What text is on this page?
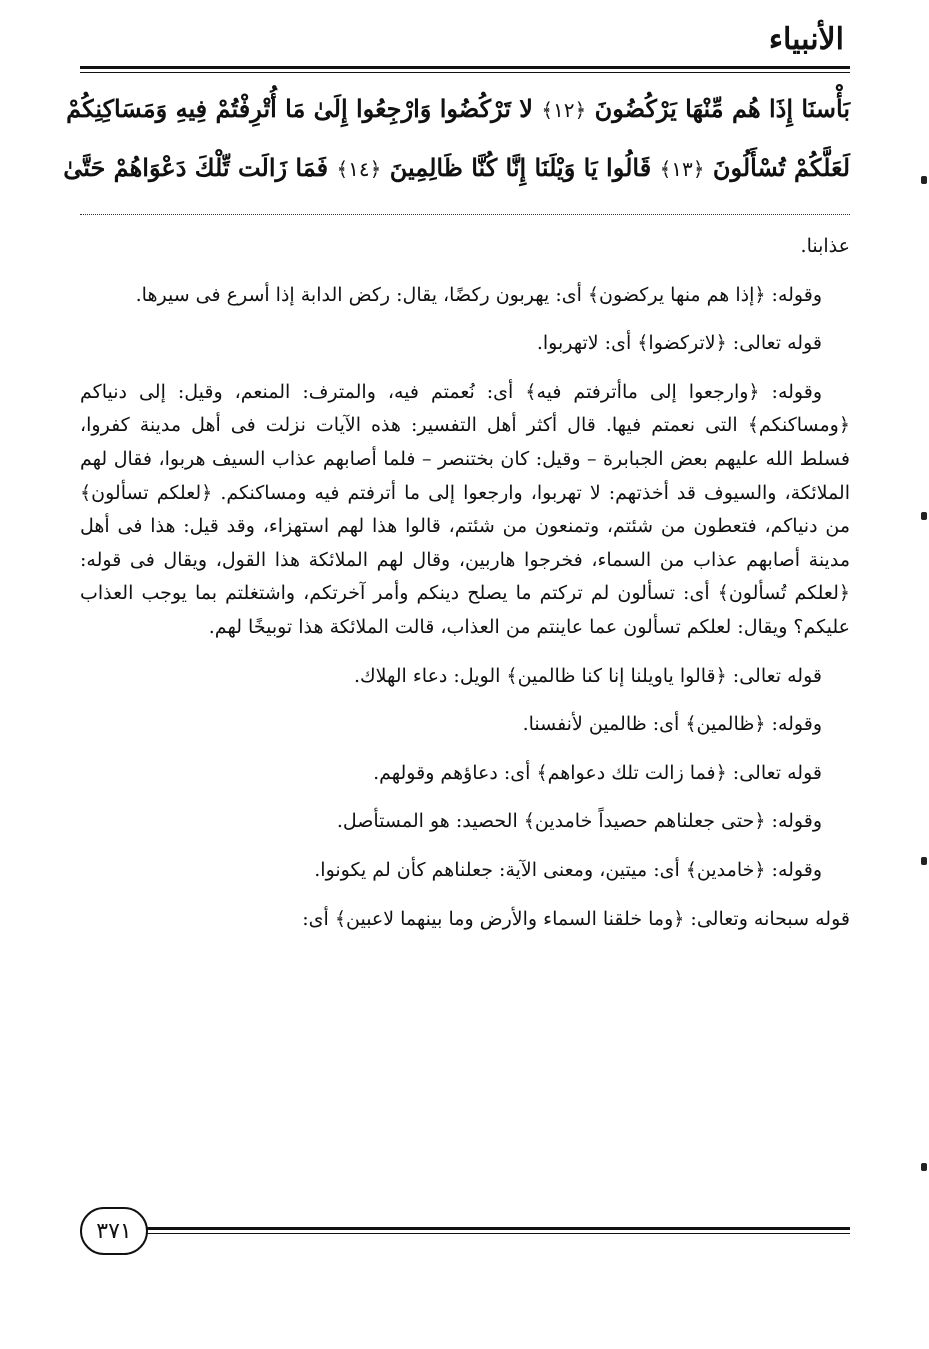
الأنبياء
بَأْسنَا إِذَا هُم مِّنْهَا يَرْكُضُونَ ﴿١٢﴾ لا تَرْكُضُوا وَارْجِعُوا إِلَىٰ مَا أُتْرِفْتُمْ فِيهِ وَمَسَاكِنِكُمْ
لَعَلَّكُمْ تُسْأَلُونَ ﴿١٣﴾ قَالُوا يَا وَيْلَنَا إِنَّا كُنَّا ظَالِمِينَ ﴿١٤﴾ فَمَا زَالَت تِّلْكَ دَعْوَاهُمْ حَتَّىٰ

عذابنا.

وقوله: ﴿إذا هم منها يركضون﴾ أى: يهربون ركضًا، يقال: ركض الدابة إذا أسرع فى سيرها.

قوله تعالى: ﴿لاتركضوا﴾ أى: لاتهربوا.

وقوله: ﴿وارجعوا إلى ماأترفتم فيه﴾ أى: نُعمتم فيه، والمترف: المنعم، وقيل: إلى دنياكم ﴿ومساكنكم﴾ التى نعمتم فيها. قال أكثر أهل التفسير: هذه الآيات نزلت فى أهل مدينة كفروا، فسلط الله عليهم بعض الجبابرة – وقيل: كان بختنصر – فلما أصابهم عذاب السيف هربوا، فقال لهم الملائكة، والسيوف قد أخذتهم: لا تهربوا، وارجعوا إلى ما أترفتم فيه ومساكنكم. ﴿لعلكم تسألون﴾ من دنياكم، فتعطون من شئتم، وتمنعون من شئتم، قالوا هذا لهم استهزاء، وقد قيل: هذا فى أهل مدينة أصابهم عذاب من السماء، فخرجوا هاربين، وقال لهم الملائكة هذا القول، ويقال فى قوله: ﴿لعلكم تُسألون﴾ أى: تسألون لم تركتم ما يصلح دينكم وأمر آخرتكم، واشتغلتم بما يوجب العذاب عليكم؟ ويقال: لعلكم تسألون عما عاينتم من العذاب، قالت الملائكة هذا توبيخًا لهم.

قوله تعالى: ﴿قالوا ياويلنا إنا كنا ظالمين﴾ الويل: دعاء الهلاك.

وقوله: ﴿ظالمين﴾ أى: ظالمين لأنفسنا.

قوله تعالى: ﴿فما زالت تلك دعواهم﴾ أى: دعاؤهم وقولهم.

وقوله: ﴿حتى جعلناهم حصيداً خامدين﴾ الحصيد: هو المستأصل.

وقوله: ﴿خامدين﴾ أى: ميتين، ومعنى الآية: جعلناهم كأن لم يكونوا.

قوله سبحانه وتعالى: ﴿وما خلقنا السماء والأرض وما بينهما لاعبين﴾ أى:

٣٧١
